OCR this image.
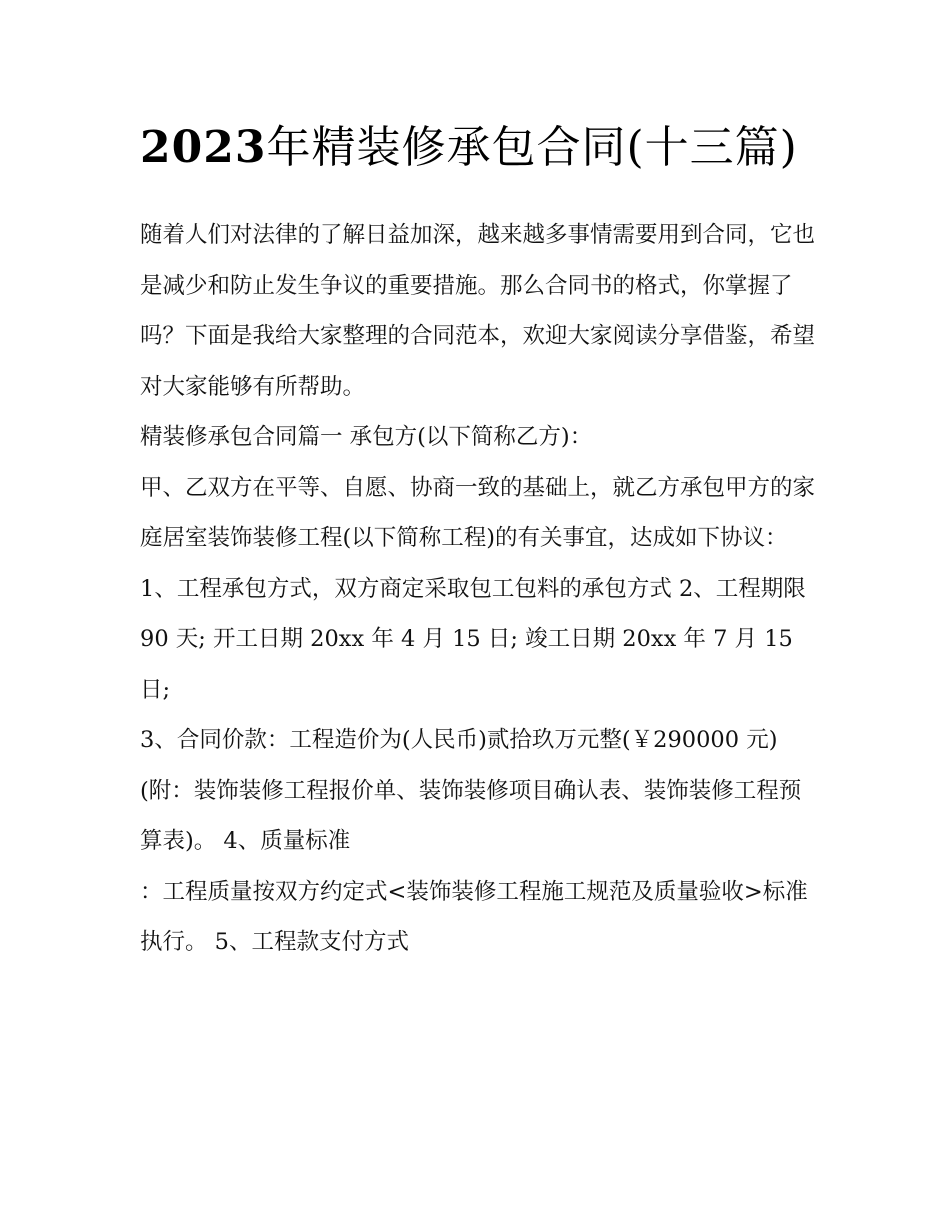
2023年精装修承包合同(十三篇)

随着人们对法律的了解日益加深，越来越多事情需要用到合同，它也是减少和防止发生争议的重要措施。那么合同书的格式，你掌握了吗？下面是我给大家整理的合同范本，欢迎大家阅读分享借鉴，希望对大家能够有所帮助。

精装修承包合同篇一 承包方(以下简称乙方)：

甲、乙双方在平等、自愿、协商一致的基础上，就乙方承包甲方的家庭居室装饰装修工程(以下简称工程)的有关事宜，达成如下协议：

1、工程承包方式，双方商定采取包工包料的承包方式 2、工程期限 90 天; 开工日期 20xx 年 4 月 15 日; 竣工日期 20xx 年 7 月 15 日;

3、合同价款：工程造价为(人民币)贰拾玖万元整(￥290000 元)(附：装饰装修工程报价单、装饰装修项目确认表、装饰装修工程预算表)。 4、质量标准

：工程质量按双方约定式<装饰装修工程施工规范及质量验收>标准执行。 5、工程款支付方式
